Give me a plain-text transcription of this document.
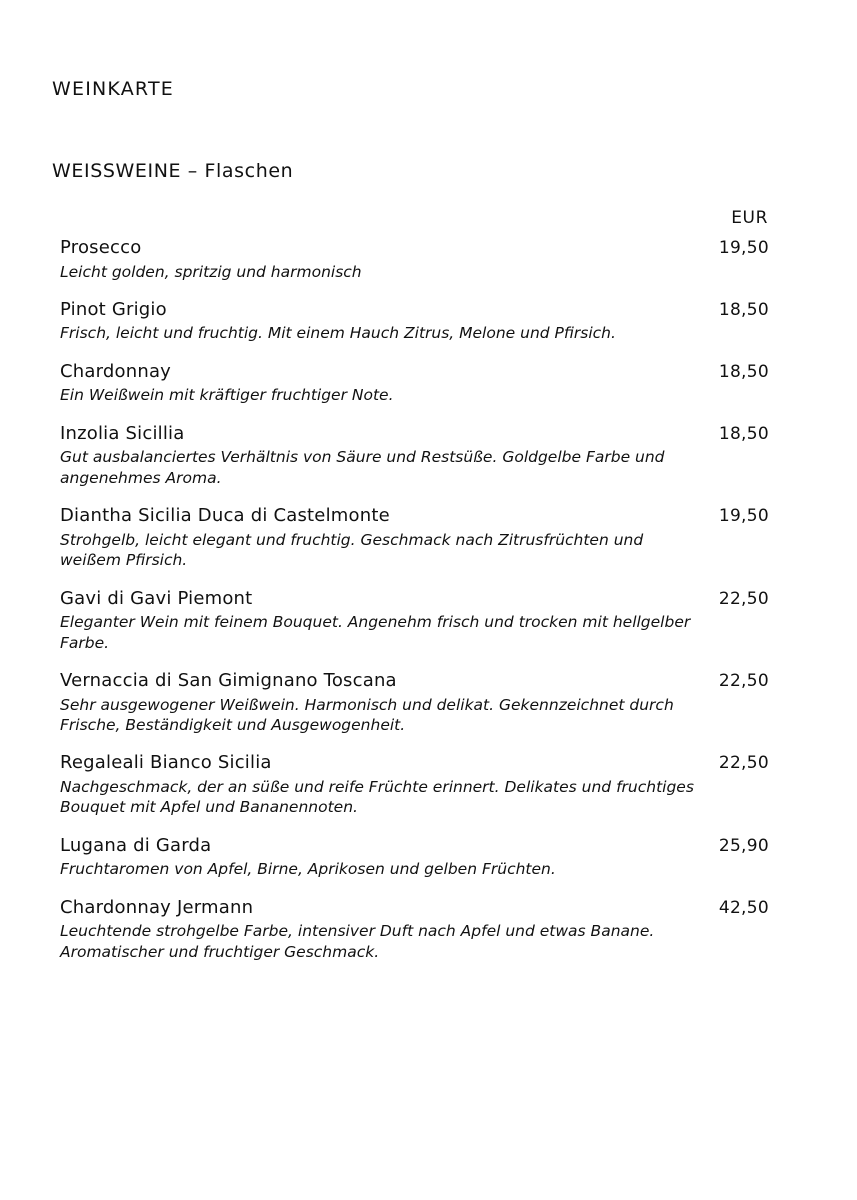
WEINKARTE
WEISSWEINE – Flaschen
EUR
Prosecco	19,50
Leicht golden, spritzig und harmonisch
Pinot Grigio	18,50
Frisch, leicht und fruchtig. Mit einem Hauch Zitrus, Melone und Pfirsich.
Chardonnay	18,50
Ein Weißwein mit kräftiger fruchtiger Note.
Inzolia Sicillia	18,50
Gut ausbalanciertes Verhältnis von Säure und Restsüße. Goldgelbe Farbe und angenehmes Aroma.
Diantha Sicilia Duca di Castelmonte	19,50
Strohgelb, leicht elegant und fruchtig. Geschmack nach Zitrusfrüchten und weißem Pfirsich.
Gavi di Gavi Piemont	22,50
Eleganter Wein mit feinem Bouquet. Angenehm frisch und trocken mit hellgelber Farbe.
Vernaccia di San Gimignano Toscana	22,50
Sehr ausgewogener Weißwein. Harmonisch und delikat. Gekennzeichnet durch Frische, Beständigkeit und Ausgewogenheit.
Regaleali Bianco Sicilia	22,50
Nachgeschmack, der an süße und reife Früchte erinnert. Delikates und fruchtiges Bouquet mit Apfel und Bananennoten.
Lugana di Garda	25,90
Fruchtaromen von Apfel, Birne, Aprikosen und gelben Früchten.
Chardonnay Jermann	42,50
Leuchtende strohgelbe Farbe, intensiver Duft nach Apfel und etwas Banane. Aromatischer und fruchtiger Geschmack.
